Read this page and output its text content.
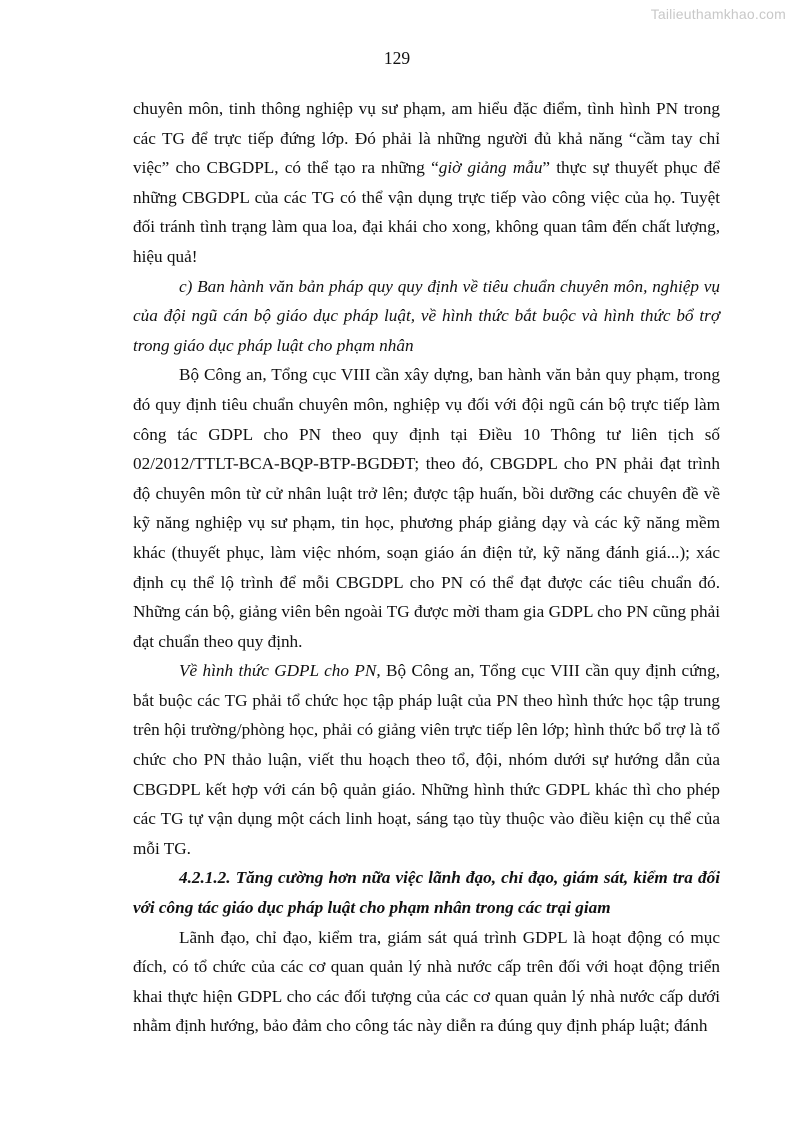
Tailieuthamkhao.com
129

chuyên môn, tinh thông nghiệp vụ sư phạm, am hiểu đặc điểm, tình hình PN trong các TG để trực tiếp đứng lớp. Đó phải là những người đủ khả năng “cầm tay chỉ việc” cho CBGDPL, có thể tạo ra những “giờ giảng mẫu” thực sự thuyết phục để những CBGDPL của các TG có thể vận dụng trực tiếp vào công việc của họ. Tuyệt đối tránh tình trạng làm qua loa, đại khái cho xong, không quan tâm đến chất lượng, hiệu quả!

c) Ban hành văn bản pháp quy quy định về tiêu chuẩn chuyên môn, nghiệp vụ của đội ngũ cán bộ giáo dục pháp luật, về hình thức bắt buộc và hình thức bổ trợ trong giáo dục pháp luật cho phạm nhân

Bộ Công an, Tổng cục VIII cần xây dựng, ban hành văn bản quy phạm, trong đó quy định tiêu chuẩn chuyên môn, nghiệp vụ đối với đội ngũ cán bộ trực tiếp làm công tác GDPL cho PN theo quy định tại Điều 10 Thông tư liên tịch số 02/2012/TTLT-BCA-BQP-BTP-BGDĐT; theo đó, CBGDPL cho PN phải đạt trình độ chuyên môn từ cử nhân luật trở lên; được tập huấn, bồi dưỡng các chuyên đề về kỹ năng nghiệp vụ sư phạm, tin học, phương pháp giảng dạy và các kỹ năng mềm khác (thuyết phục, làm việc nhóm, soạn giáo án điện tử, kỹ năng đánh giá...); xác định cụ thể lộ trình để mỗi CBGDPL cho PN có thể đạt được các tiêu chuẩn đó. Những cán bộ, giảng viên bên ngoài TG được mời tham gia GDPL cho PN cũng phải đạt chuẩn theo quy định.

Về hình thức GDPL cho PN, Bộ Công an, Tổng cục VIII cần quy định cứng, bắt buộc các TG phải tổ chức học tập pháp luật của PN theo hình thức học tập trung trên hội trường/phòng học, phải có giảng viên trực tiếp lên lớp; hình thức bổ trợ là tổ chức cho PN thảo luận, viết thu hoạch theo tổ, đội, nhóm dưới sự hướng dẫn của CBGDPL kết hợp với cán bộ quản giáo. Những hình thức GDPL khác thì cho phép các TG tự vận dụng một cách linh hoạt, sáng tạo tùy thuộc vào điều kiện cụ thể của mỗi TG.

4.2.1.2. Tăng cường hơn nữa việc lãnh đạo, chỉ đạo, giám sát, kiểm tra đối với công tác giáo dục pháp luật cho phạm nhân trong các trại giam

Lãnh đạo, chỉ đạo, kiểm tra, giám sát quá trình GDPL là hoạt động có mục đích, có tổ chức của các cơ quan quản lý nhà nước cấp trên đối với hoạt động triển khai thực hiện GDPL cho các đối tượng của các cơ quan quản lý nhà nước cấp dưới nhằm định hướng, bảo đảm cho công tác này diễn ra đúng quy định pháp luật; đánh
